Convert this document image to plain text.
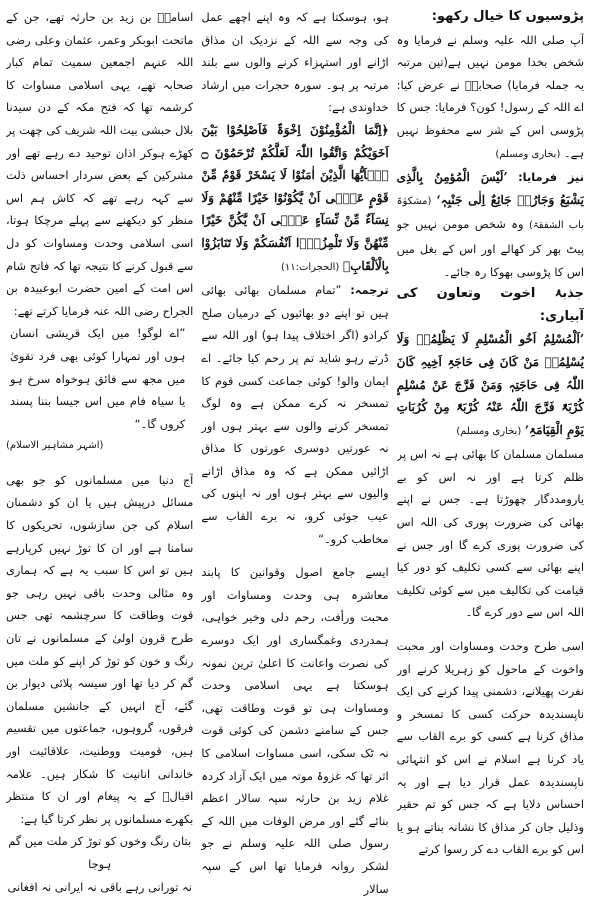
پڑوسیوں کا خیال رکھو:

آپ صلی اللہ علیہ وسلم نے فرمایا وہ شخص بخدا مومن نہیں ہے(تین مرتبہ یہ جملہ فرمایا) صحابہؓ نے عرض کیا: اے اللہ کے رسول! کون؟ فرمایا: جس کا پڑوسی اس کے شر سے محفوظ نہیں ہے۔ (بخاری ومسلم)

نیز فرمایا: ’لَیْسَ الْمُؤمِنُ بِالَّذِی یَشْبَعُ وَجَارُہٗ جَائِعٌ اِلٰی جَنْبِہٖ‘ (مشکوٰۃ باب الشفقۃ) وہ شخص مومن نہیں جو پیٹ بھر کر کھالے اور اس کے بغل میں اس کا پڑوسی بھوکا رہ جائے۔

جذبۂ اخوت وتعاون کی آبیاری:

’اَلْمُسْلِمُ اَخُو الْمُسْلِمِ لَا یَظْلِمُہٗ وَلَا یُسْلِمُہٗ مَنْ کَانَ فِی حَاجَۃِ اَخِیہِ کَانَ اللّٰہُ فِی حَاجَتِہٖ وَمَنْ فَرَّجَ عَنْ مُسْلِمٍ کُرْبَۃً فَرَّجَ اللّٰہُ عَنْہُ کُرْبَۃً مِنْ کُرُبَاتِ یَوْمِ الْقِیَامَۃِ‘ (بخاری ومسلم)

مسلمان مسلمان کا بھائی ہے نہ اس پر ظلم کرتا ہے اور نہ اس کو بے یارومددگار چھوڑتا ہے۔ جس نے اپنے بھائی کی ضرورت پوری کی اللہ اس کی ضرورت پوری کرے گا اور جس نے اپنے بھائی سے کسی تکلیف کو دور کیا قیامت کی تکالیف میں سے کوئی تکلیف اللہ اس سے دور کرے گا۔

اسی طرح وحدت ومساوات اور محبت واخوت کے ماحول کو زہریلا کرنے اور نفرت پھیلانے، دشمنی پیدا کرنے کی ایک ناپسندیدہ حرکت کسی کا تمسخر و مذاق کرنا ہے کسی کو برے القاب سے یاد کرنا ہے اسلام نے اس کو انتہائی ناپسندیدہ عمل قرار دیا ہے اور یہ احساس دلایا ہے کہ جس کو تم حقیر وذلیل جان کر مذاق کا نشانہ بناتے ہو یا اس کو برے القاب دے کر رسوا کرتے

ہو، ہوسکتا ہے کہ وہ اپنے اچھے عمل کی وجہ سے اللہ کے نزدیک ان مذاق اڑانے اور استہزاء کرنے والوں سے بلند مرتبہ پر ہو۔ سورہ حجرات میں ارشاد خداوندی ہے:

﴿اِنَّمَا الْمُؤْمِنُوْنَ اِخْوَۃٌ فَاَصْلِحُوْا بَیْنَ اَخَوَیْکُمْ وَاتَّقُوا اللّٰہَ لَعَلَّکُمْ تُرْحَمُوْنَ ۝ یٰۤاَیُّھَا الَّذِیْنَ اٰمَنُوْا لَا یَسْخَرْ قَوْمٌ مِّنْ قَوْمٍ عَسٰۤی اَنْ یَّکُوْنُوْا خَیْرًا مِّنْھُمْ وَلَا نِسَآءٌ مِّنْ نِّسَآءٍ عَسٰۤی اَنْ یَّکُنَّ خَیْرًا مِّنْھُنَّ وَلَا تَلْمِزُوْۤا اَنْفُسَکُمْ وَلَا تَنَابَزُوْا بِالْاَلْقَابِ﴾ (الحجرات:١١)

ترجمہ: ”تمام مسلمان بھائی بھائی ہیں تو اپنے دو بھائیوں کے درمیان صلح کرادو (اگر اختلاف پیدا ہو) اور اللہ سے ڈرتے رہو شاید تم پر رحم کیا جائے۔ اے ایمان والو! کوئی جماعت کسی قوم کا تمسخر نہ کرے ممکن ہے وہ لوگ تمسخر کرنے والوں سے بہتر ہوں اور نہ عورتیں دوسری عورتوں کا مذاق اڑائیں ممکن ہے کہ وہ مذاق اڑانے والیوں سے بہتر ہوں اور نہ اپنوں کی عیب جوئی کرو، نہ برے القاب سے مخاطب کرو۔“

ایسے جامع اصول وقوانین کا پابند معاشرہ ہی وحدت ومساوات اور محبت ورأفت، رحم دلی وخیر خواہی، ہمدردی وغمگساری اور ایک دوسرے کی نصرت واعانت کا اعلیٰ ترین نمونہ ہوسکتا ہے یہی اسلامی وحدت ومساوات ہی تو قوت وطاقت تھی، جس کے سامنے دشمن کی کوئی قوت نہ ٹک سکی، اسی مساوات اسلامی کا اثر تھا کہ غزوۂ موتہ میں ایک آزاد کردہ غلام زید بن حارثہ سپہ سالار اعظم بنائے گئے اور مرض الوفات میں اللہ کے رسول صلی اللہ علیہ وسلم نے جو لشکر روانہ فرمایا تھا اس کے سپہ سالار

اسامہؓ بن زید بن حارثہ تھے، جن کے ماتحت ابوبکر وعمر، عثمان وعلی رضی اللہ عنہم اجمعین سمیت تمام کبار صحابہ تھے، یہی اسلامی مساوات کا کرشمہ تھا کہ فتح مکہ کے دن سیدنا بلال حبشی بیت اللہ شریف کی چھت پر کھڑے ہوکر اذان توحید دے رہے تھے اور مشرکین کے بعض سردار احساس ذلت سے کہہ رہے تھے کہ کاش ہم اس منظر کو دیکھنے سے پہلے مرچکا ہوتا، اسی اسلامی وحدت ومساوات کو دل سے قبول کرنے کا نتیجہ تھا کہ فاتح شام اس امت کے امین حضرت ابوعبیدہ بن الجراح رضی اللہ عنہ فرمایا کرتے تھے:

”اے لوگو! میں ایک قریشی انسان ہوں اور تمہارا کوئی بھی فرد تقویٰ میں مجھ سے فائق ہوخواہ سرخ ہو یا سیاہ فام میں اس جیسا بننا پسند کروں گا۔“

(اشہر مشاہیر الاسلام)

آج دنیا میں مسلمانوں کو جو بھی مسائل درپیش ہیں یا ان کو دشمنان اسلام کی جن سازشوں، تحریکوں کا سامنا ہے اور ان کا توڑ نہیں کرپارہے ہیں تو اس کا سبب یہ ہے کہ ہماری وہ مثالی وحدت باقی نہیں رہی جو قوت وطاقت کا سرچشمہ تھی جس طرح قرون اولیٰ کے مسلمانوں نے تان رنگ و خون کو توڑ کر اپنے کو ملت میں گم کر دیا تھا اور سیسہ پلائی دیوار بن گئے، آج انہیں کے جانشین مسلمان فرقوں، گروہوں، جماعتوں میں تقسیم ہیں، قومیت ووطنیت، علاقائیت اور خاندانی انانیت کا شکار ہیں۔ علامہ اقبالؒ کے یہ پیغام اور ان کا منتظر بکھرے مسلمانوں پر نظر کرتا گیا ہے:

بتان رنگ وخوں کو توڑ کر ملت میں گم ہوجا

نہ تورانی رہے باقی نہ ایرانی نہ افغانی
